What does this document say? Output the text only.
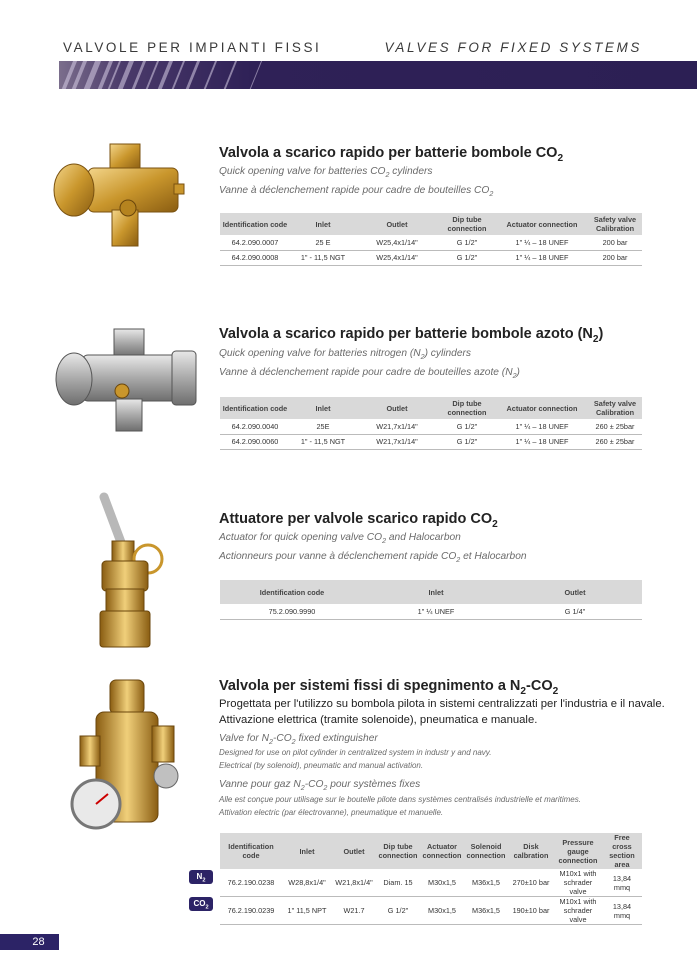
VALVOLE PER IMPIANTI FISSI	VALVES FOR FIXED SYSTEMS
Valvola a scarico rapido per batterie bombole $CO_2$
Quick opening valve for batteries $CO_2$ cylinders
Vanne à déclenchement rapide pour cadre de bouteilles $CO_2$
Identification code	Inlet	Outlet	Dip tube connection	Actuator connection	Safety valve Calibration
64.2.090.0007	25 E	W25,4x1/14"	G 1/2"	1" ¼ – 18 UNEF	200 bar
64.2.090.0008	1" - 11,5 NGT	W25,4x1/14"	G 1/2"	1" ¼ – 18 UNEF	200 bar
Valvola a scarico rapido per batterie bombole azoto $(N_2)$
Quick opening valve for batteries nitrogen $(N_2)$ cylinders
Vanne à déclenchement rapide pour cadre de bouteilles azote $(N_2)$
Identification code	Inlet	Outlet	Dip tube connection	Actuator connection	Safety valve Calibration
64.2.090.0040	25E	W21,7x1/14"	G 1/2"	1" ¼ – 18 UNEF	260 ± 25bar
64.2.090.0060	1" - 11,5 NGT	W21,7x1/14"	G 1/2"	1" ¼ – 18 UNEF	260 ± 25bar
Attuatore per valvole scarico rapido $CO_2$
Actuator for quick opening valve $CO_2$ and Halocarbon
Actionneurs pour vanne à déclenchement rapide $CO_2$ et Halocarbon
Identification code	Inlet	Outlet
75.2.090.9990	1" ¼ UNEF	G 1/4"
Valvola per sistemi fissi di spegnimento a $N_2-CO_2$
Progettata per l'utilizzo su bombola pilota in sistemi centralizzati per l'industria e il navale.
Attivazione elettrica (tramite solenoide), pneumatica e manuale.
Valve for $N_2-CO_2$ fixed extinguisher
Designed for use on pilot cylinder in centralized system in industr y and navy.
Electrical (by solenoid), pneumatic and manual activation.
Vanne pour gaz $N_2-CO_2$ pour systèmes fixes
Alle est conçue pour utilisage sur le boutelle pilote dans systèmes centralisés industrielle et maritimes.
Attivation electric (par électrovanne), pneumatique et manuelle.
$N_2$
$CO_2$
Identification code	Inlet	Outlet	Dip tube connection	Actuator connection	Solenoid connection	Disk calbration	Pressure gauge connection	Free cross section area
76.2.190.0238	W28,8x1/4"	W21,8x1/4"	Diam. 15	M30x1,5	M36x1,5	270±10 bar	M10x1 with schrader valve	13,84 mmq
76.2.190.0239	1" 11,5 NPT	W21.7	G 1/2"	M30x1,5	M36x1,5	190±10 bar	M10x1 with schrader valve	13,84 mmq
28
